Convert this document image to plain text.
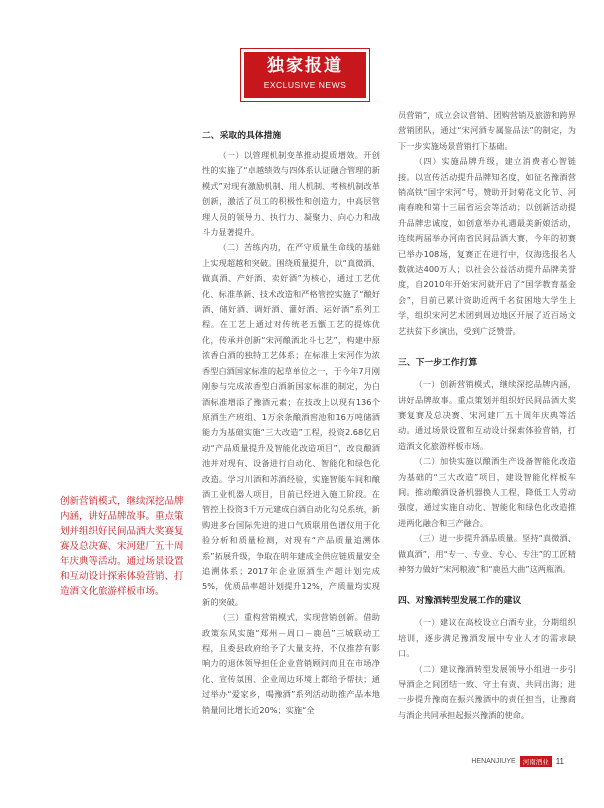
独家报道
EXCLUSIVE NEWS
创新营销模式，继续深挖品牌内涵，讲好品牌故事。重点策划并组织好民间品酒大奖赛复赛及总决赛、宋河建厂五十周年庆典等活动。通过场景设置和互动设计探索体验营销、打造酒文化旅游样板市场。
二、采取的具体措施

（一）以管理机制变革推动提质增效。开创性的实施了“卓越绩效与四体系认证融合管理的新模式”对现有激励机制、用人机制、考核机制改革创新，激活了员工的积极性和创造力，中高层管理人员的领导力、执行力、凝聚力、向心力和战斗力显著提升。

（二）苦练内功，在严守质量生命线的基础上实现超越和突破。围绕质量提升，以“真微酒、做真酒、产好酒、卖好酒”为核心，通过工艺优化、标准革新、技术改造和严格管控实施了“酿好酒、储好酒、调好酒、灌好酒、运好酒”系列工程。在工艺上通过对传统老五甑工艺的提炼优化，传承并创新“宋河酿酒北斗七艺”，构建中原浓香白酒的独特工艺体系；在标准上宋河作为浓香型白酒国家标准的起草单位之一，于今年7月刚刚参与完成浓香型白酒新国家标准的制定，为白酒标准增添了豫酒元素；在技改上以现有136个原酒生产班组、1万余条酿酒窖池和16万吨储酒能力为基础实施“三大改造”工程，投资2.68亿启动“产品质量提升及智能化改造项目”，改良酿酒池并对现有、设备进行自动化、智能化和绿色化改造。学习川酒和苏酒经验，实施智能车间和酿酒工业机器人项目，目前已经进入施工阶段。在管控上投资3千万元建成白酒自动化勾兑系统，新购进多台国际先进的进口气质联用色谱仪用于化验分析和质量检测，对现有“产品质量追溯体系”拓展升级，争取在明年建成全供应链质量安全追溯体系；2017年企业原酒生产超计划完成5%，优质品率超计划提升12%，产质量均实现新的突破。

（三）重构营销模式，实现营销创新。借助政策东风实施“郑州－周口－鹿邑”三城联动工程，且委县政府给予了大量支持，不仅推荐有影响力的退休领导担任企业营销顾问而且在市场净化、宣传氛围、企业周边环境上都给予帮扶；通过举办“爱家乡，喝豫酒”系列活动助推产品本地销量同比增长近20%；实施“全

员营销”，成立会议营销、团购营销及旅游和跨界营销团队，通过“宋河酒专属鉴品法”的制定，为下一步实施场景营销打下基础。

（四）实施品牌升级，建立消费者心智链接。以宣传活动提升品牌知名度，如征名豫酒营销高铁“国字宋河”号，赞助开封菊花文化节、河南春晚和第十三届省运会等活动；以创新活动提升品牌忠诚度，如创意举办礼遇最美新娘活动，连续两届举办河南省民间品酒大赛，今年的初赛已举办108场，复赛正在进行中，仅海选报名人数就达400万人；以社会公益活动提升品牌美誉度，自2010年开始宋河就开启了“国学教育基金会”，目前已累计资助近两千名贫困地大学生上学，组织宋河艺术团到周边地区开展了近百场文艺扶贫下乡演出，受到广泛赞誉。

三、下一步工作打算

（一）创新营销模式，继续深挖品牌内涵，讲好品牌故事。重点策划并组织好民间品酒大奖赛复赛及总决赛、宋河建厂五十周年庆典等活动。通过场景设置和互动设计探索体验营销，打造酒文化旅游样板市场。

（二）加快实施以酿酒生产设备智能化改造为基础的“三大改造”项目，建设智能化样板车间。推动酿酒设备机器换人工程，降低工人劳动强度，通过实施自动化、智能化和绿色化改造推进两化融合和三产融合。

（三）进一步提升酒品质量。坚持“真微酒、做真酒”，用“专一、专业、专心、专注”的工匠精神努力做好“宋河粮液”和“鹿邑大曲”这两瓶酒。

四、对豫酒转型发展工作的建议

（一）建议在高校设立白酒专业，分期组织培训，逐步满足豫酒发展中专业人才的需求缺口。

（二）建议豫酒转型发展领导小组进一步引导酒企之间团结一致、守土有责、共同出海；进一步提升豫商在振兴豫酒中的责任担当，让豫商与酒企共同承担起振兴豫酒的使命。

HENANJIUYE	河南酒业 11
